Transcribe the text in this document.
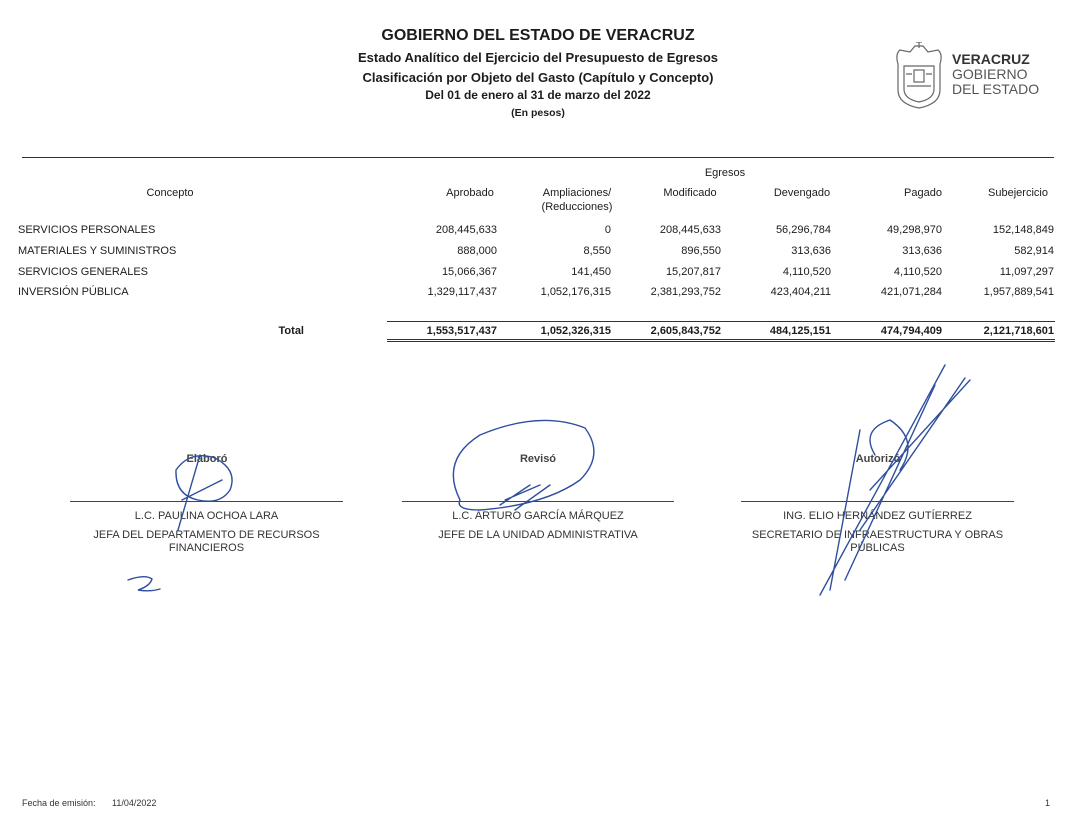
GOBIERNO DEL ESTADO DE VERACRUZ
Estado Analítico del Ejercicio del Presupuesto de Egresos
Clasificación por Objeto del Gasto (Capítulo y Concepto)
Del 01 de enero al 31 de marzo del 2022
(En pesos)
VERACRUZ
GOBIERNO
DEL ESTADO
Egresos
Concepto	Aprobado	Ampliaciones/
(Reducciones)
Modificado	Devengado	Pagado	Subejercicio
SERVICIOS PERSONALES	208,445,633	0	208,445,633	56,296,784	49,298,970	152,148,849
MATERIALES Y SUMINISTROS	888,000	8,550	896,550	313,636	313,636	582,914
SERVICIOS GENERALES	15,066,367	141,450	15,207,817	4,110,520	4,110,520	11,097,297
INVERSIÓN PÚBLICA	1,329,117,437	1,052,176,315	2,381,293,752	423,404,211	421,071,284	1,957,889,541
Total	1,553,517,437	1,052,326,315	2,605,843,752	484,125,151	474,794,409	2,121,718,601
Elaboró
L.C. PAULINA OCHOA LARA
JEFA DEL DEPARTAMENTO DE RECURSOS
FINANCIEROS
Revisó
L.C. ARTURO GARCÍA MÁRQUEZ
JEFE DE LA UNIDAD ADMINISTRATIVA
Autorizó
ING. ELIO HERNÁNDEZ GUTÍERREZ
SECRETARIO DE INFRAESTRUCTURA Y OBRAS
PÚBLICAS
Fecha de emisión: 11/04/2022	1
